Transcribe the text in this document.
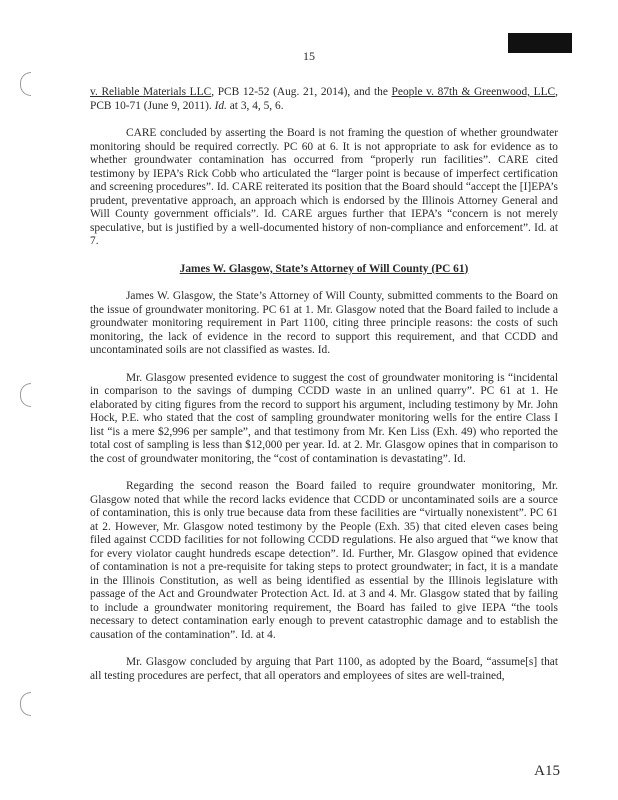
15

v. Reliable Materials LLC, PCB 12-52 (Aug. 21, 2014), and the People v. 87th & Greenwood, LLC, PCB 10-71 (June 9, 2011). Id. at 3, 4, 5, 6.

CARE concluded by asserting the Board is not framing the question of whether groundwater monitoring should be required correctly. PC 60 at 6. It is not appropriate to ask for evidence as to whether groundwater contamination has occurred from “properly run facilities”. CARE cited testimony by IEPA’s Rick Cobb who articulated the “larger point is because of imperfect certification and screening procedures”. Id. CARE reiterated its position that the Board should “accept the [I]EPA’s prudent, preventative approach, an approach which is endorsed by the Illinois Attorney General and Will County government officials”. Id. CARE argues further that IEPA’s “concern is not merely speculative, but is justified by a well-documented history of non-compliance and enforcement”. Id. at 7.

James W. Glasgow, State’s Attorney of Will County (PC 61)

James W. Glasgow, the State’s Attorney of Will County, submitted comments to the Board on the issue of groundwater monitoring. PC 61 at 1. Mr. Glasgow noted that the Board failed to include a groundwater monitoring requirement in Part 1100, citing three principle reasons: the costs of such monitoring, the lack of evidence in the record to support this requirement, and that CCDD and uncontaminated soils are not classified as wastes. Id.

Mr. Glasgow presented evidence to suggest the cost of groundwater monitoring is “incidental in comparison to the savings of dumping CCDD waste in an unlined quarry”. PC 61 at 1. He elaborated by citing figures from the record to support his argument, including testimony by Mr. John Hock, P.E. who stated that the cost of sampling groundwater monitoring wells for the entire Class I list “is a mere $2,996 per sample”, and that testimony from Mr. Ken Liss (Exh. 49) who reported the total cost of sampling is less than $12,000 per year. Id. at 2. Mr. Glasgow opines that in comparison to the cost of groundwater monitoring, the “cost of contamination is devastating”. Id.

Regarding the second reason the Board failed to require groundwater monitoring, Mr. Glasgow noted that while the record lacks evidence that CCDD or uncontaminated soils are a source of contamination, this is only true because data from these facilities are “virtually nonexistent”. PC 61 at 2. However, Mr. Glasgow noted testimony by the People (Exh. 35) that cited eleven cases being filed against CCDD facilities for not following CCDD regulations. He also argued that “we know that for every violator caught hundreds escape detection”. Id. Further, Mr. Glasgow opined that evidence of contamination is not a pre-requisite for taking steps to protect groundwater; in fact, it is a mandate in the Illinois Constitution, as well as being identified as essential by the Illinois legislature with passage of the Act and Groundwater Protection Act. Id. at 3 and 4. Mr. Glasgow stated that by failing to include a groundwater monitoring requirement, the Board has failed to give IEPA “the tools necessary to detect contamination early enough to prevent catastrophic damage and to establish the causation of the contamination”. Id. at 4.

Mr. Glasgow concluded by arguing that Part 1100, as adopted by the Board, “assume[s] that all testing procedures are perfect, that all operators and employees of sites are well-trained,

A15
